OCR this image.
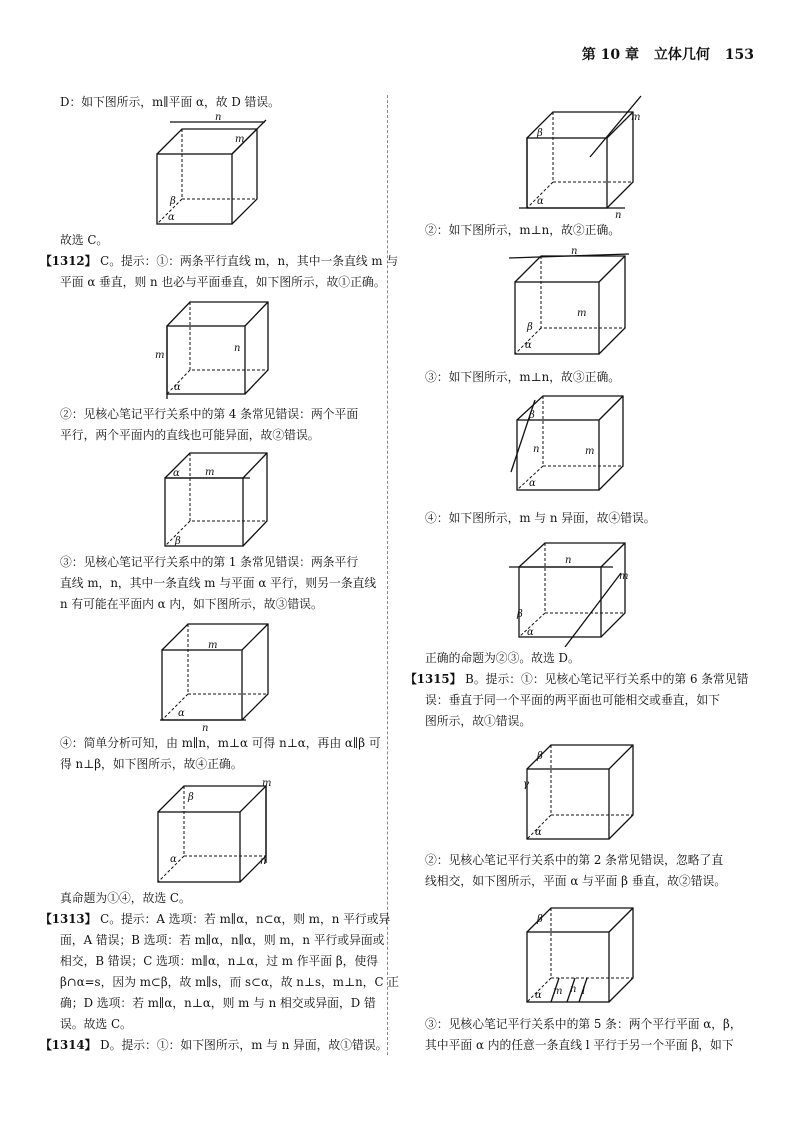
第 10 章 立体几何 153
D：如下图所示，m∥平面 α，故 D 错误。
n
m
β
α
故选 C。
【1312】 C。提示：①：两条平行直线 m，n，其中一条直线 m 与
平面 α 垂直，则 n 也必与平面垂直，如下图所示，故①正确。
m
n
α
②：见核心笔记平行关系中的第 4 条常见错误：两个平面
平行，两个平面内的直线也可能异面，故②错误。
α	m
β
③：见核心笔记平行关系中的第 1 条常见错误：两条平行
直线 m，n，其中一条直线 m 与平面 α 平行，则另一条直线
n 有可能在平面内 α 内，如下图所示，故③错误。
m
α
n
④：简单分析可知，由 m∥n，m⊥α 可得 n⊥α，再由 α∥β 可
得 n⊥β，如下图所示，故④正确。
β
m
α	n
真命题为①④，故选 C。
【1313】 C。提示：A 选项：若 m∥α，n⊂α，则 m，n 平行或异
面，A 错误；B 选项：若 m∥α，n∥α，则 m，n 平行或异面或
相交，B 错误；C 选项：m∥α，n⊥α，过 m 作平面 β，使得
β∩α=s，因为 m⊂β，故 m∥s，而 s⊂α，故 n⊥s，m⊥n，C 正
确；D 选项：若 m∥α，n⊥α，则 m 与 n 相交或异面，D 错
误。故选 C。
【1314】 D。提示：①：如下图所示，m 与 n 异面，故①错误。
β
m
α
n
②：如下图所示，m⊥n，故②正确。
n
m
β
α
③：如下图所示，m⊥n，故③正确。
β
n	m
α
④：如下图所示，m 与 n 异面，故④错误。
n
m
β
α
正确的命题为②③。故选 D。
【1315】 B。提示：①：见核心笔记平行关系中的第 6 条常见错
误：垂直于同一个平面的两平面也可能相交或垂直，如下
图所示，故①错误。
β
γ
α
②：见核心笔记平行关系中的第 2 条常见错误，忽略了直
线相交，如下图所示，平面 α 与平面 β 垂直，故②错误。
β
α m n l
③：见核心笔记平行关系中的第 5 条：两个平行平面 α，β，
其中平面 α 内的任意一条直线 l 平行于另一个平面 β，如下
